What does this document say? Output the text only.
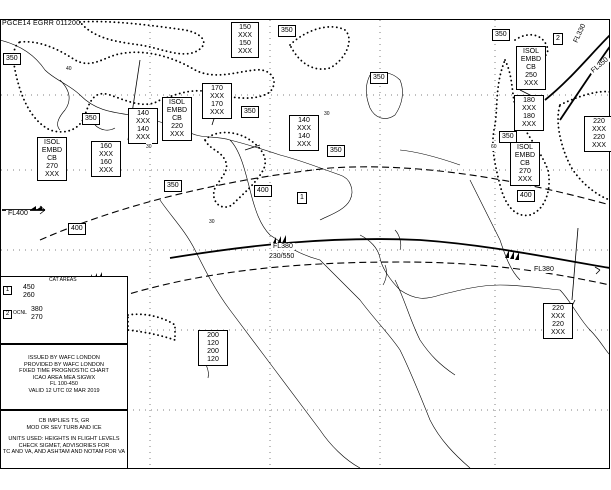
PGCE14 EGRR 011200
1
2
FL400
FL380
230/550
FL380
FL350
FL330
350
350
350
350
350
350
350
350
400
400
400
350
150
XXX
150
XXX	ISOL
EMBD
CB
250
XXX
140
XXX
140
XXX
ISOL
EMBD
CB
220
XXX
170
XXX
170
XXX
140
XXX
140
XXX
ISOL
EMBD
CB
270
XXX
160
XXX
160
XXX
180
XXX
180
XXX	220
XXX
220
XXX
ISOL
EMBD
CB
270
XXX
200
120
200
120
220
XXX
220
XXX
30
30
30
60
40
CAT AREAS
1	450
260
2 OCNL 380
270
ISSUED BY WAFC LONDON
PROVIDED BY WAFC LONDON
FIXED TIME PROGNOSTIC CHART
ICAO AREA MEA SIGWX
FL 100-450
VALID 12 UTC 02 MAR 2019
CB IMPLIES TS, GR
MOD OR SEV TURB AND ICE
UNITS USED: HEIGHTS IN FLIGHT LEVELS
CHECK SIGMET, ADVISORIES FOR
TC AND VA, AND ASHTAM AND NOTAM FOR VA
